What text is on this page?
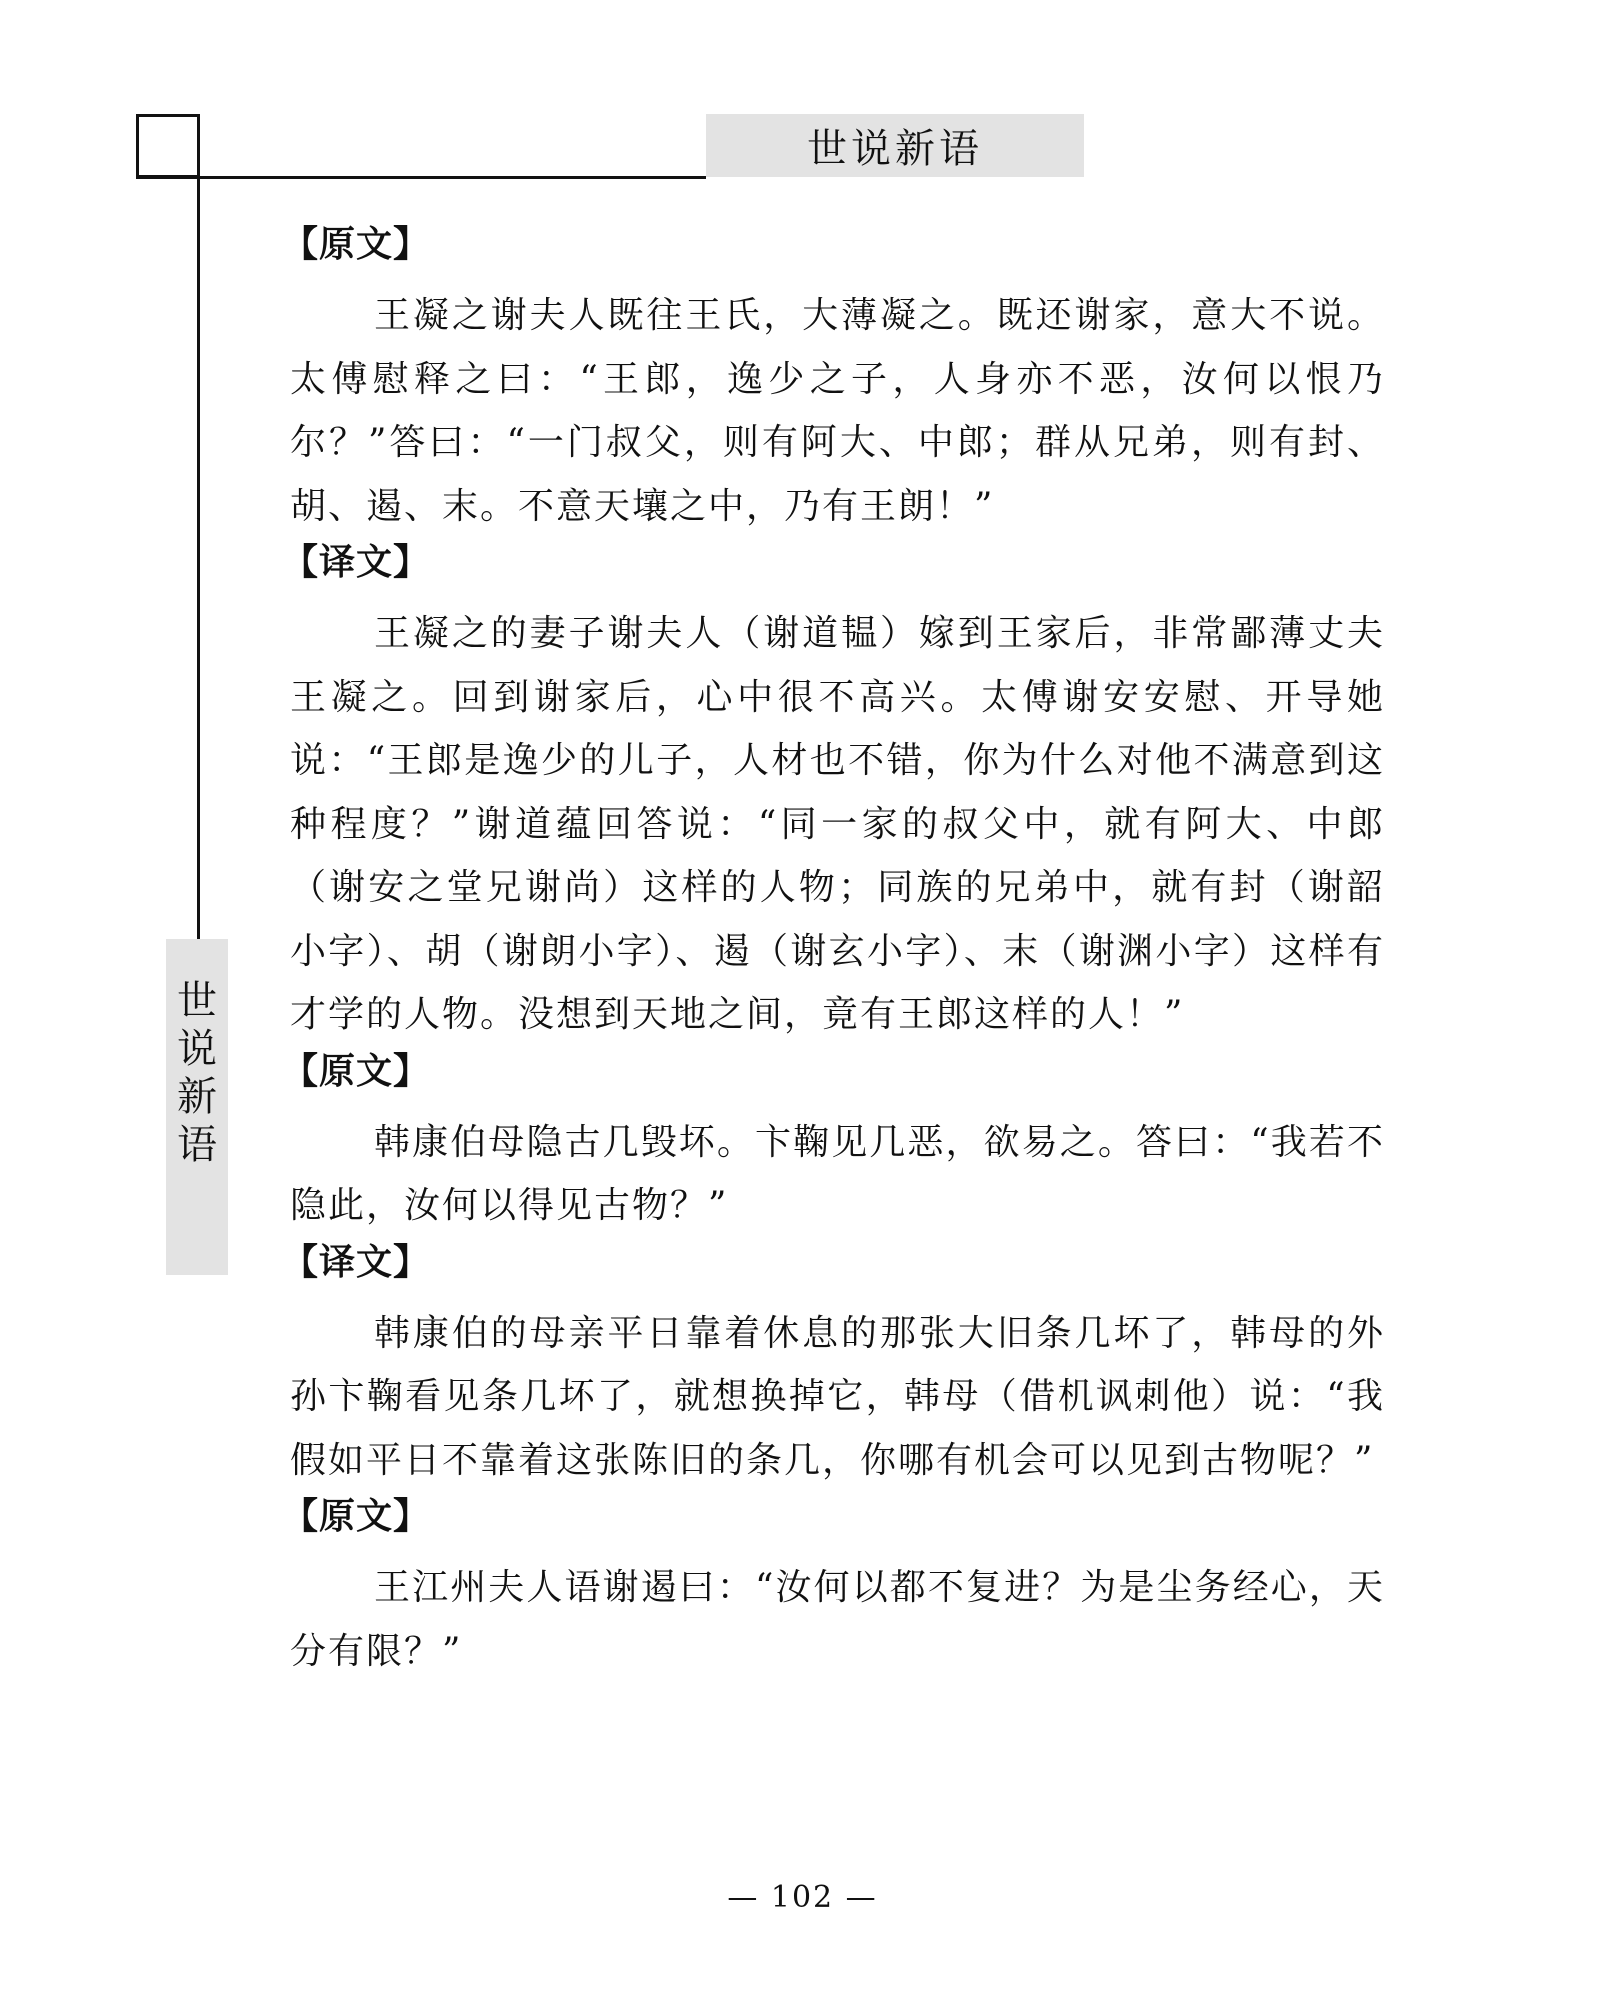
世说新语
世
说
新
语
【原文】

王凝之谢夫人既往王氏，大薄凝之。既还谢家，意大不说。太傅慰释之曰：“王郎，逸少之子，人身亦不恶，汝何以恨乃尔？”答曰：“一门叔父，则有阿大、中郎；群从兄弟，则有封、胡、遏、末。不意天壤之中，乃有王朗！”

【译文】

王凝之的妻子谢夫人（谢道韫）嫁到王家后，非常鄙薄丈夫王凝之。回到谢家后，心中很不高兴。太傅谢安安慰、开导她说：“王郎是逸少的儿子，人材也不错，你为什么对他不满意到这种程度？”谢道蕴回答说：“同一家的叔父中，就有阿大、中郎（谢安之堂兄谢尚）这样的人物；同族的兄弟中，就有封（谢韶小字）、胡（谢朗小字）、遏（谢玄小字）、末（谢渊小字）这样有才学的人物。没想到天地之间，竟有王郎这样的人！”

【原文】

韩康伯母隐古几毁坏。卞鞠见几恶，欲易之。答曰：“我若不隐此，汝何以得见古物？”

【译文】

韩康伯的母亲平日靠着休息的那张大旧条几坏了，韩母的外孙卞鞠看见条几坏了，就想换掉它，韩母（借机讽刺他）说：“我假如平日不靠着这张陈旧的条几，你哪有机会可以见到古物呢？”

【原文】

王江州夫人语谢遏曰：“汝何以都不复进？为是尘务经心，天分有限？”

— 102 —
